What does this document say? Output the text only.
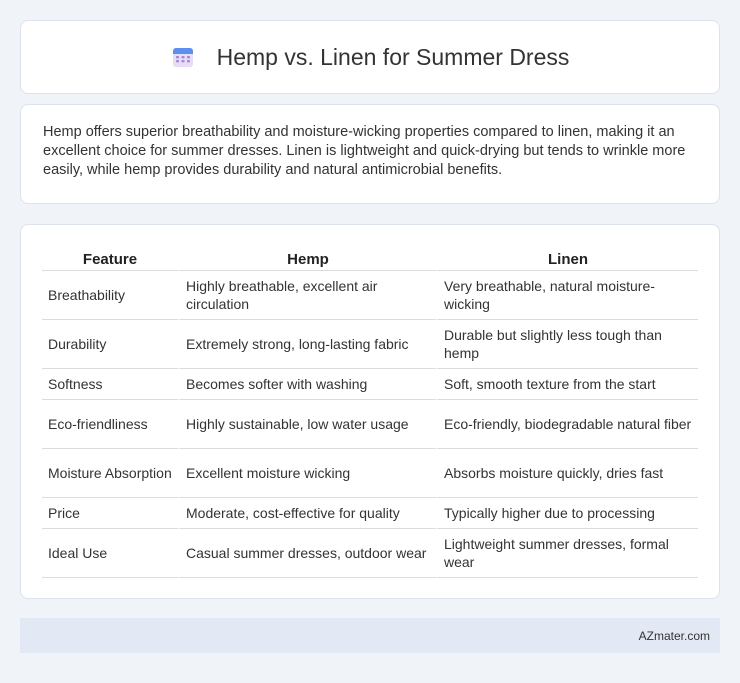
Hemp vs. Linen for Summer Dress

Hemp offers superior breathability and moisture-wicking properties compared to linen, making it an excellent choice for summer dresses. Linen is lightweight and quick-drying but tends to wrinkle more easily, while hemp provides durability and natural antimicrobial benefits.

Feature	Hemp	Linen
Breathability	Highly breathable, excellent air circulation	Very breathable, natural moisture-wicking
Durability	Extremely strong, long-lasting fabric	Durable but slightly less tough than hemp
Softness	Becomes softer with washing	Soft, smooth texture from the start
Eco-friendliness	Highly sustainable, low water usage	Eco-friendly, biodegradable natural fiber
Moisture Absorption	Excellent moisture wicking	Absorbs moisture quickly, dries fast
Price	Moderate, cost-effective for quality	Typically higher due to processing
Ideal Use	Casual summer dresses, outdoor wear	Lightweight summer dresses, formal wear
AZmater.com
